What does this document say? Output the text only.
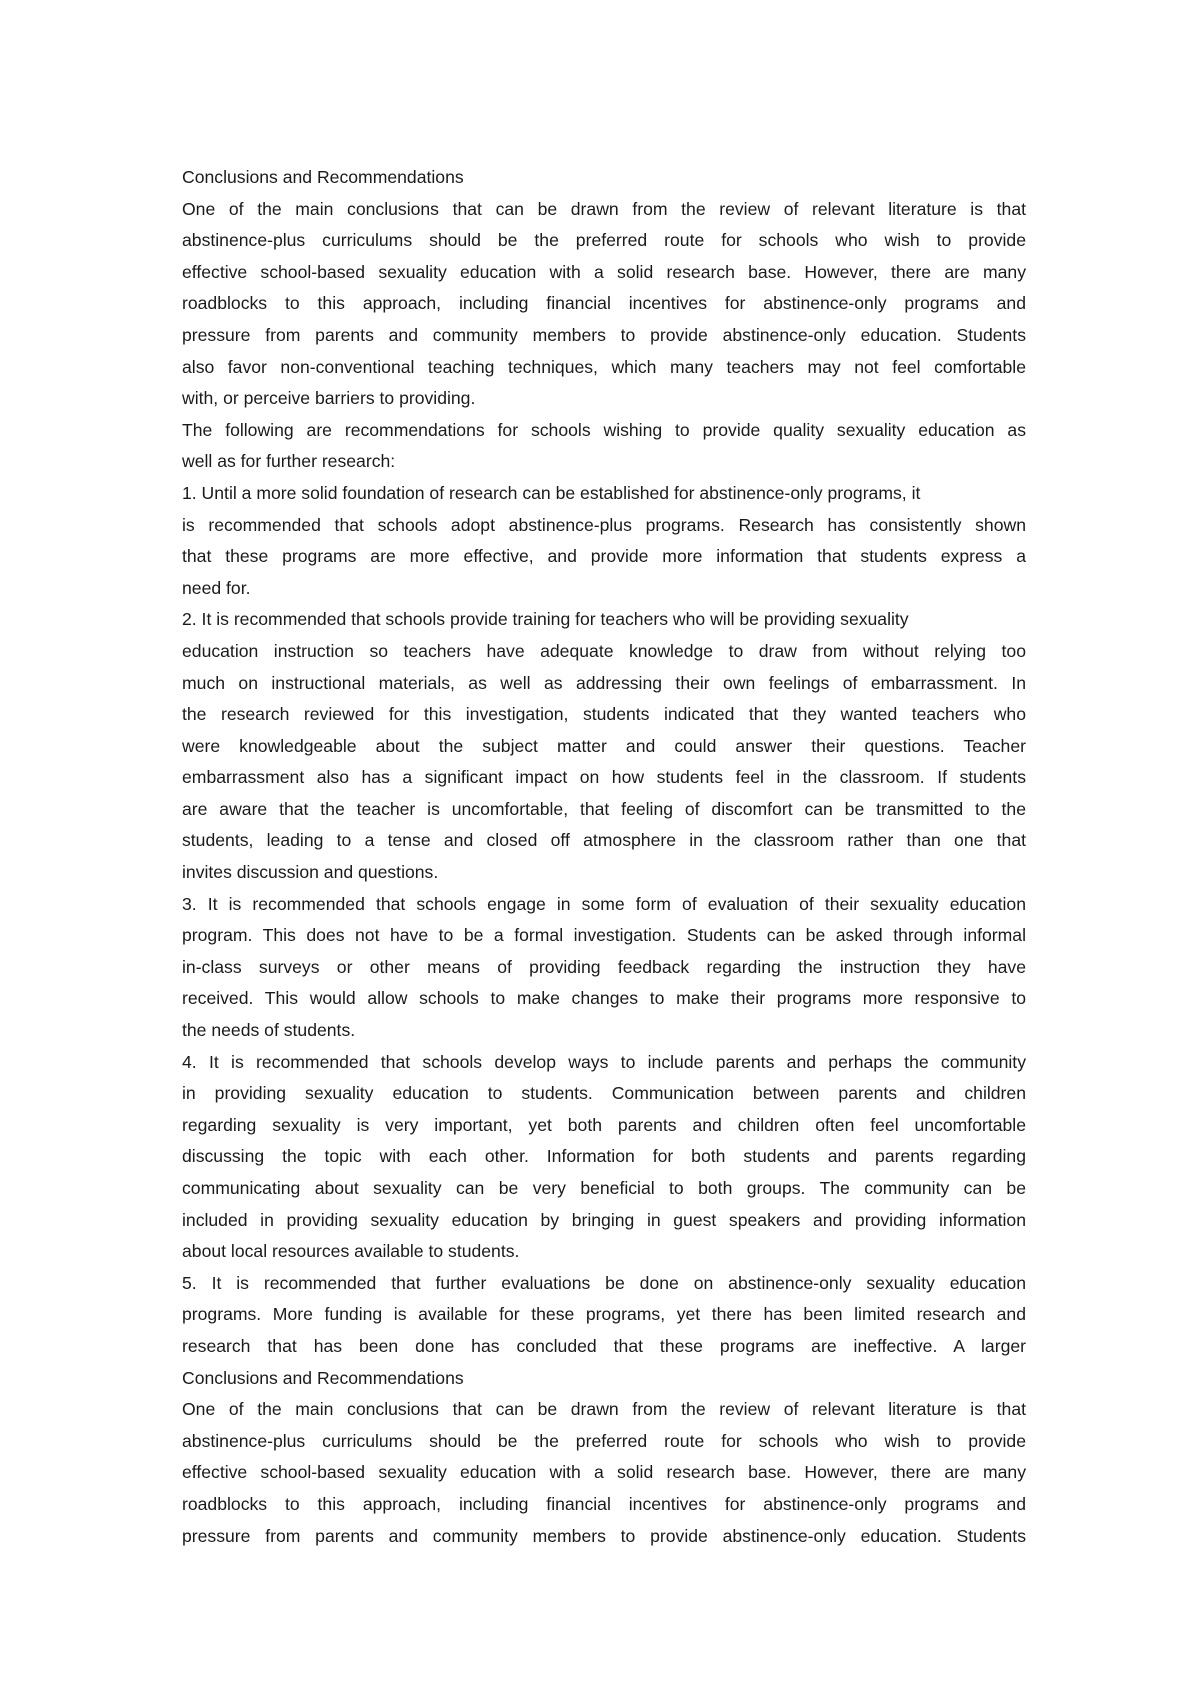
Conclusions and Recommendations
One of the main conclusions that can be drawn from the review of relevant literature is that
abstinence-plus curriculums should be the preferred route for schools who wish to provide
effective school-based sexuality education with a solid research base. However, there are many
roadblocks to this approach, including financial incentives for abstinence-only programs and
pressure from parents and community members to provide abstinence-only education. Students
also favor non-conventional teaching techniques, which many teachers may not feel comfortable
with, or perceive barriers to providing.
The following are recommendations for schools wishing to provide quality sexuality education as
well as for further research:
1. Until a more solid foundation of research can be established for abstinence-only programs, it
is recommended that schools adopt abstinence-plus programs. Research has consistently shown
that these programs are more effective, and provide more information that students express a
need for.
2. It is recommended that schools provide training for teachers who will be providing sexuality
education instruction so teachers have adequate knowledge to draw from without relying too
much on instructional materials, as well as addressing their own feelings of embarrassment. In
the research reviewed for this investigation, students indicated that they wanted teachers who
were knowledgeable about the subject matter and could answer their questions. Teacher
embarrassment also has a significant impact on how students feel in the classroom. If students
are aware that the teacher is uncomfortable, that feeling of discomfort can be transmitted to the
students, leading to a tense and closed off atmosphere in the classroom rather than one that
invites discussion and questions.
3. It is recommended that schools engage in some form of evaluation of their sexuality education
program. This does not have to be a formal investigation. Students can be asked through informal
in-class surveys or other means of providing feedback regarding the instruction they have
received. This would allow schools to make changes to make their programs more responsive to
the needs of students.
4. It is recommended that schools develop ways to include parents and perhaps the community
in providing sexuality education to students. Communication between parents and children
regarding sexuality is very important, yet both parents and children often feel uncomfortable
discussing the topic with each other. Information for both students and parents regarding
communicating about sexuality can be very beneficial to both groups. The community can be
included in providing sexuality education by bringing in guest speakers and providing information
about local resources available to students.
5. It is recommended that further evaluations be done on abstinence-only sexuality education
programs. More funding is available for these programs, yet there has been limited research and
research that has been done has concluded that these programs are ineffective. A larger
Conclusions and Recommendations
One of the main conclusions that can be drawn from the review of relevant literature is that
abstinence-plus curriculums should be the preferred route for schools who wish to provide
effective school-based sexuality education with a solid research base. However, there are many
roadblocks to this approach, including financial incentives for abstinence-only programs and
pressure from parents and community members to provide abstinence-only education. Students
